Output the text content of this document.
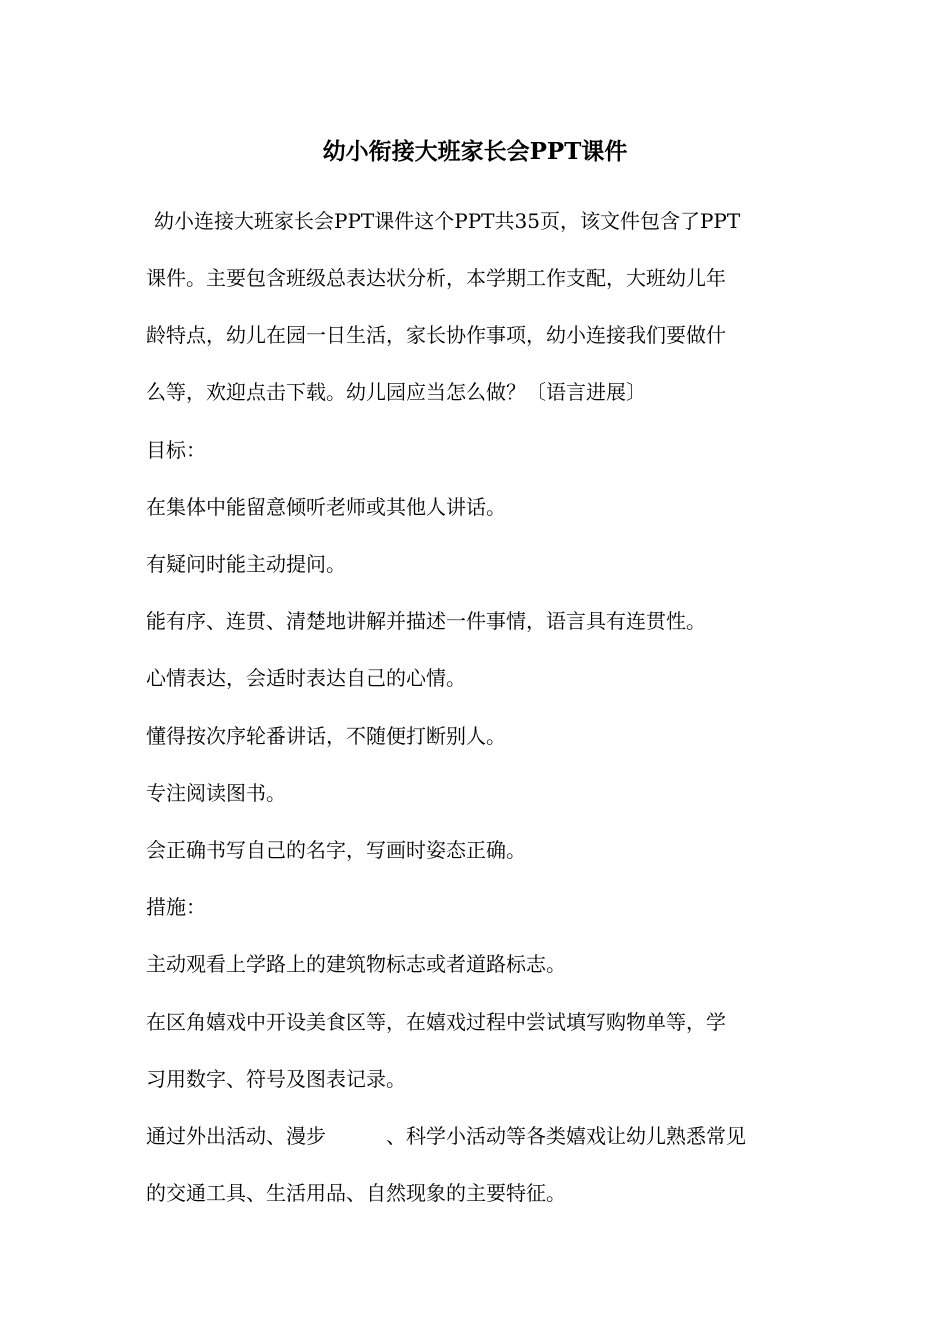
幼小衔接大班家长会PPT课件
幼小连接大班家长会PPT课件这个PPT共35页，该文件包含了PPT
课件。主要包含班级总表达状分析，本学期工作支配，大班幼儿年
龄特点，幼儿在园一日生活，家长协作事项，幼小连接我们要做什
么等，欢迎点击下载。幼儿园应当怎么做？〔语言进展〕
目标：
在集体中能留意倾听老师或其他人讲话。
有疑问时能主动提问。
能有序、连贯、清楚地讲解并描述一件事情，语言具有连贯性。
心情表达，会适时表达自己的心情。
懂得按次序轮番讲话，不随便打断别人。
专注阅读图书。
会正确书写自己的名字，写画时姿态正确。
措施：
主动观看上学路上的建筑物标志或者道路标志。
在区角嬉戏中开设美食区等，在嬉戏过程中尝试填写购物单等，学
习用数字、符号及图表记录。
通过外出活动、漫步　　　、科学小活动等各类嬉戏让幼儿熟悉常见
的交通工具、生活用品、自然现象的主要特征。
